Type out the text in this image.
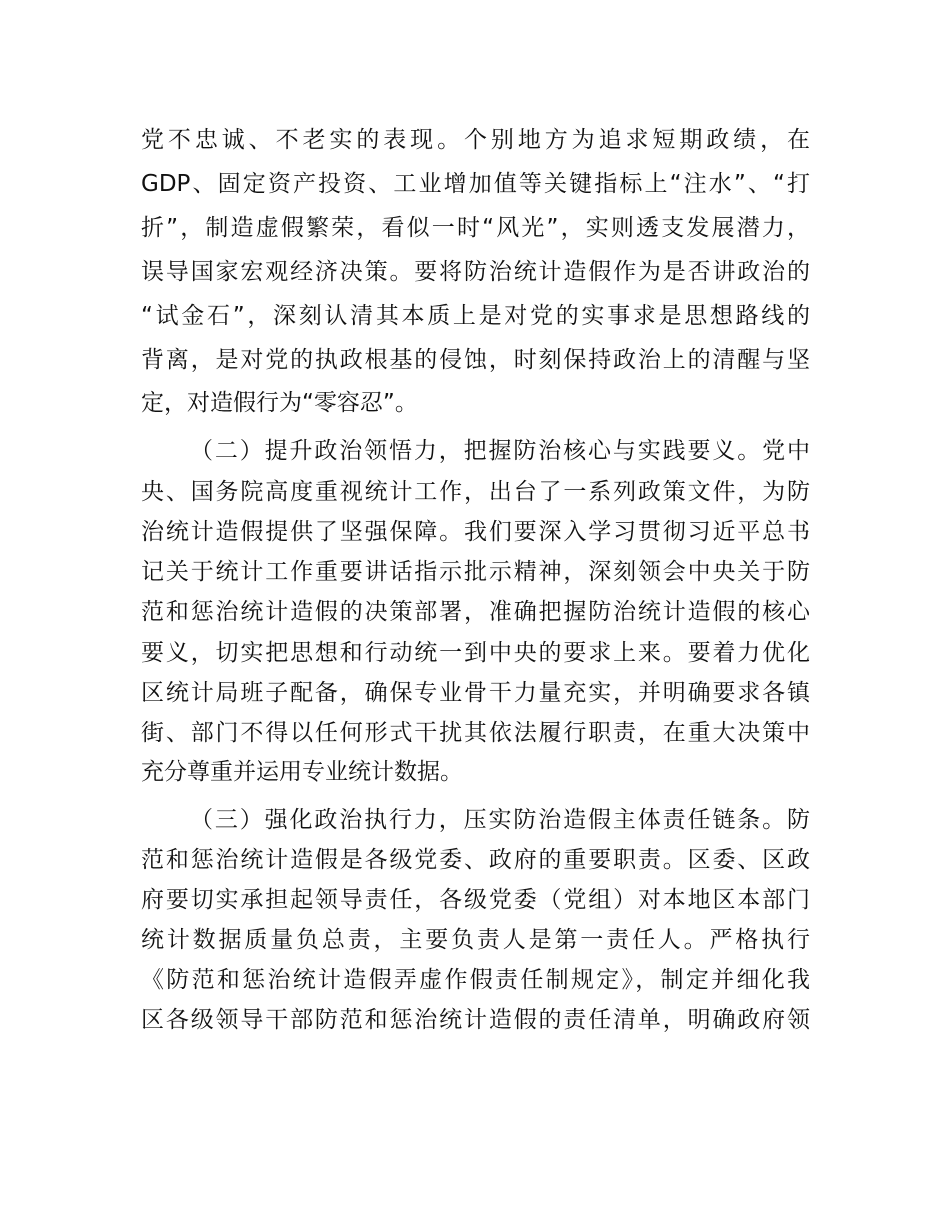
党不忠诚、不老实的表现。个别地方为追求短期政绩，在
GDP、固定资产投资、工业增加值等关键指标上“注水”、“打
折”，制造虚假繁荣，看似一时“风光”，实则透支发展潜力，
误导国家宏观经济决策。要将防治统计造假作为是否讲政治的
“试金石”，深刻认清其本质上是对党的实事求是思想路线的
背离，是对党的执政根基的侵蚀，时刻保持政治上的清醒与坚
定，对造假行为“零容忍”。
（二）提升政治领悟力，把握防治核心与实践要义。党中
央、国务院高度重视统计工作，出台了一系列政策文件，为防
治统计造假提供了坚强保障。我们要深入学习贯彻习近平总书
记关于统计工作重要讲话指示批示精神，深刻领会中央关于防
范和惩治统计造假的决策部署，准确把握防治统计造假的核心
要义，切实把思想和行动统一到中央的要求上来。要着力优化
区统计局班子配备，确保专业骨干力量充实，并明确要求各镇
街、部门不得以任何形式干扰其依法履行职责，在重大决策中
充分尊重并运用专业统计数据。
（三）强化政治执行力，压实防治造假主体责任链条。防
范和惩治统计造假是各级党委、政府的重要职责。区委、区政
府要切实承担起领导责任，各级党委（党组）对本地区本部门
统计数据质量负总责，主要负责人是第一责任人。严格执行
《防范和惩治统计造假弄虚作假责任制规定》，制定并细化我
区各级领导干部防范和惩治统计造假的责任清单，明确政府领
